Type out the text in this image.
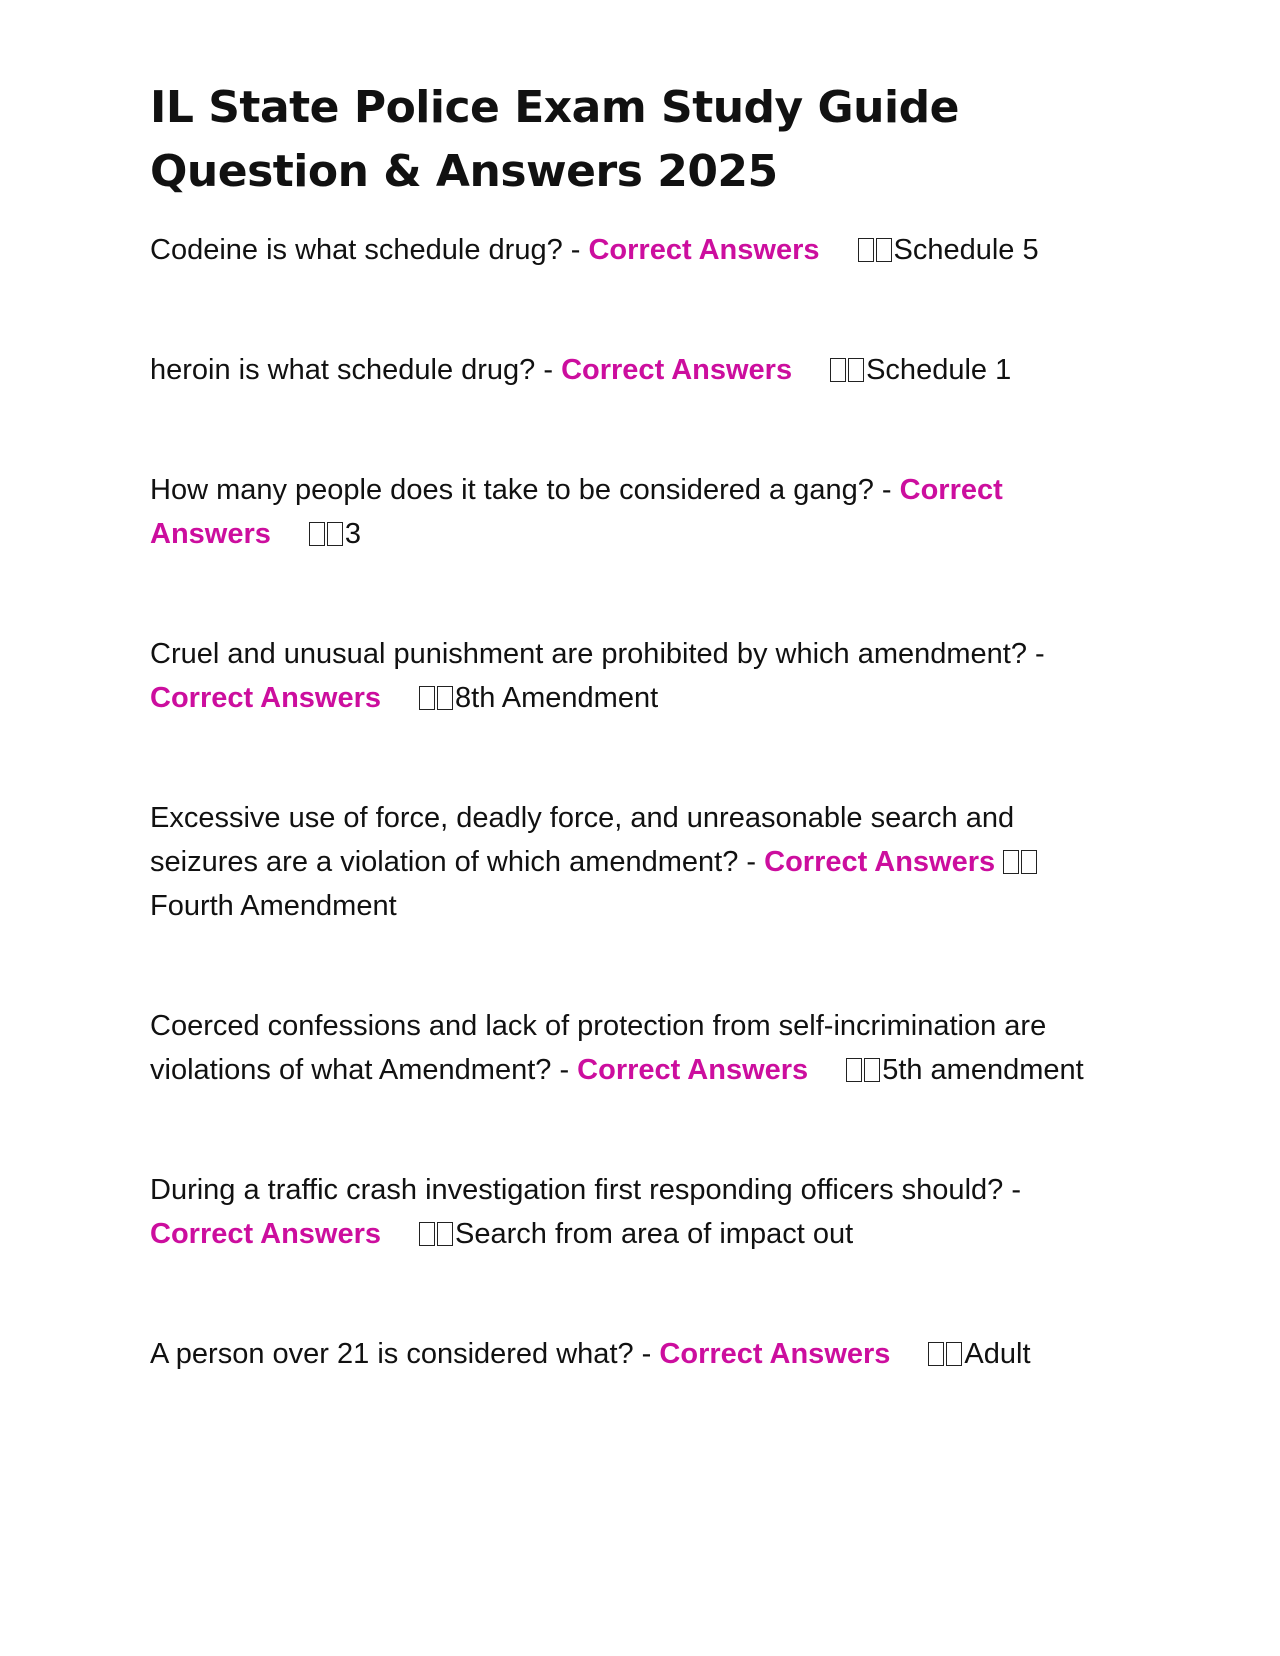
IL State Police Exam Study Guide Question & Answers 2025

Codeine is what schedule drug? - Correct Answers	Schedule 5

heroin is what schedule drug? - Correct Answers	Schedule 1

How many people does it take to be considered a gang? - Correct Answers	3

Cruel and unusual punishment are prohibited by which amendment? - Correct Answers	8th Amendment

Excessive use of force, deadly force, and unreasonable search and seizures are a violation of which amendment? - Correct Answers Fourth Amendment

Coerced confessions and lack of protection from self-incrimination are violations of what Amendment? - Correct Answers	5th amendment

During a traffic crash investigation first responding officers should? - Correct Answers	Search from area of impact out

A person over 21 is considered what? - Correct Answers	Adult
